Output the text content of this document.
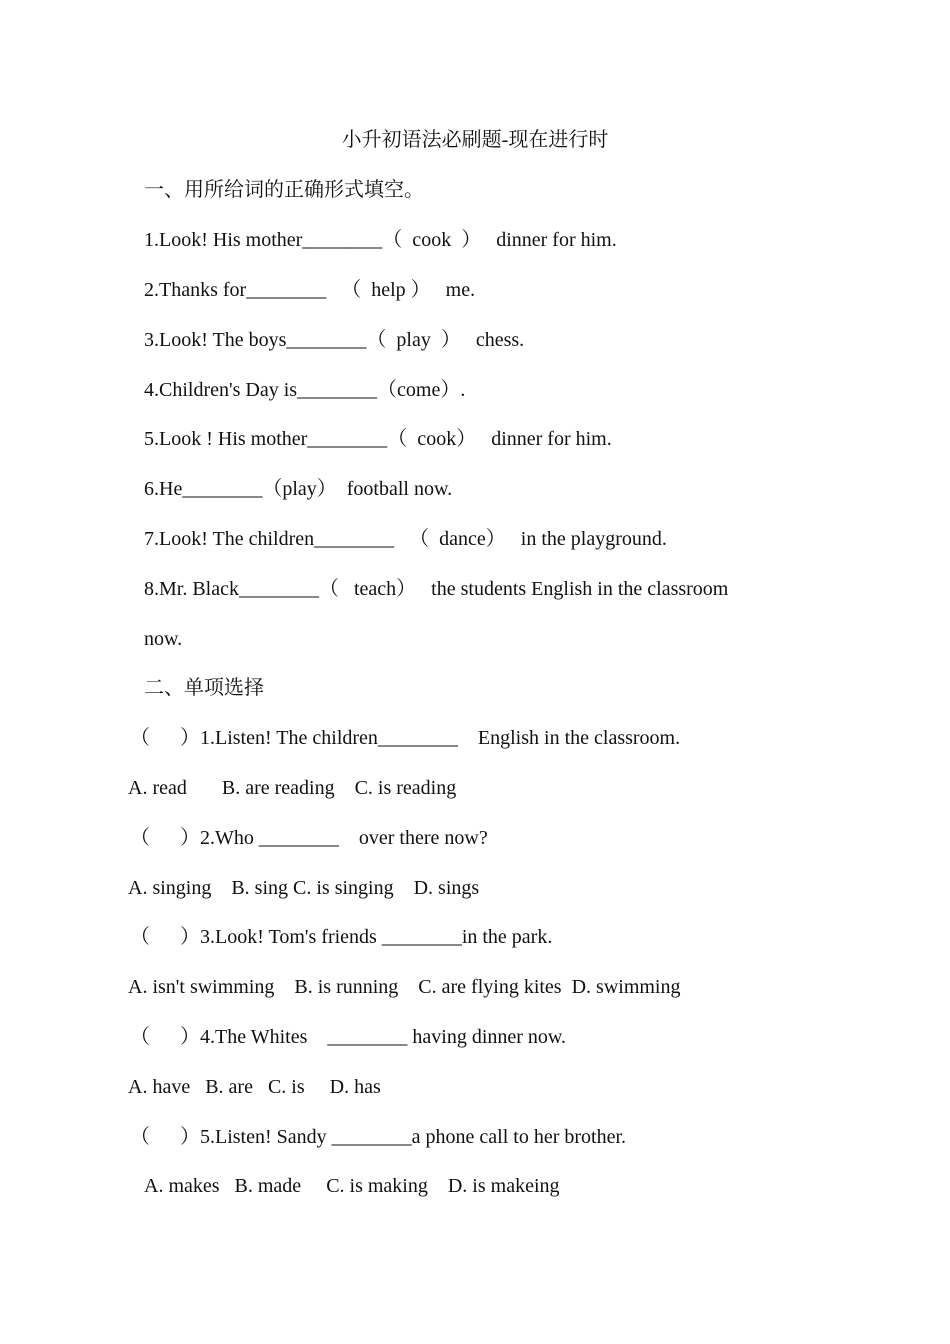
小升初语法必刷题-现在进行时
一、用所给词的正确形式填空。
1.Look! His mother________（  cook  ）   dinner for him.
2.Thanks for________   （  help ）   me.
3.Look! The boys________（  play  ）   chess.
4.Children's Day is________（come）.
5.Look ! His mother________（  cook）   dinner for him.
6.He________（play）  football now.
7.Look! The children________   （  dance）   in the playground.
8.Mr. Black________（   teach）   the students English in the classroom
now.
二、单项选择
（      ）1.Listen! The children________    English in the classroom.
A. read       B. are reading    C. is reading
（      ）2.Who ________    over there now?
A. singing    B. sing C. is singing    D. sings
（      ）3.Look! Tom's friends ________in the park.
A. isn't swimming    B. is running    C. are flying kites  D. swimming
（      ）4.The Whites    ________ having dinner now.
A. have   B. are   C. is     D. has
（      ）5.Listen! Sandy ________a phone call to her brother.
A. makes   B. made     C. is making    D. is makeing
